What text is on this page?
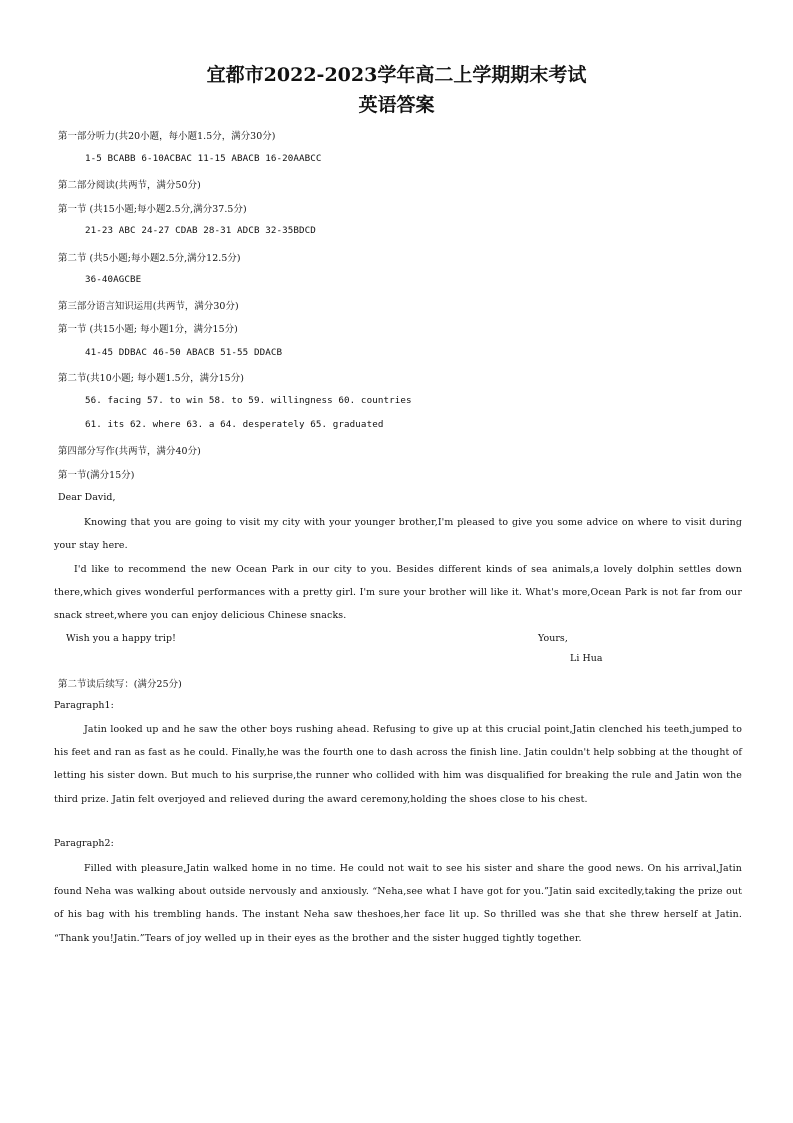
宜都市2022-2023学年高二上学期期末考试
英语答案
第一部分听力(共20小题，每小题1.5分，满分30分)
1-5 BCABB 6-10ACBAC 11-15 ABACB 16-20AABCC
第二部分阅读(共两节，满分50分)
第一节 (共15小题;每小题2.5分,满分37.5分)
21-23 ABC 24-27 CDAB 28-31 ADCB 32-35BDCD
第二节 (共5小题;每小题2.5分,满分12.5分)
36-40AGCBE
第三部分语言知识运用(共两节，满分30分)
第一节 (共15小题; 每小题1分，满分15分)
41-45 DDBAC 46-50 ABACB 51-55 DDACB
第二节(共10小题; 每小题1.5分，满分15分)
56. facing 57. to win 58. to 59. willingness 60. countries
61. its 62. where 63. a 64. desperately 65. graduated
第四部分写作(共两节，满分40分)
第一节(满分15分)
Dear David,

Knowing that you are going to visit my city with your younger brother,I'm pleased to give you some advice on where to visit during your stay here.

I'd like to recommend the new Ocean Park in our city to you. Besides different kinds of sea animals,a lovely dolphin settles down there,which gives wonderful performances with a pretty girl. I'm sure your brother will like it. What's more,Ocean Park is not far from our snack street,where you can enjoy delicious Chinese snacks.

Wish you a happy trip!	Yours,
Li Hua
第二节读后续写：(满分25分)
Paragraph1:

Jatin looked up and he saw the other boys rushing ahead. Refusing to give up at this crucial point,Jatin clenched his teeth,jumped to his feet and ran as fast as he could. Finally,he was the fourth one to dash across the finish line. Jatin couldn't help sobbing at the thought of letting his sister down. But much to his surprise,the runner who collided with him was disqualified for breaking the rule and Jatin won the third prize. Jatin felt overjoyed and relieved during the award ceremony,holding the shoes close to his chest.

Paragraph2:

Filled with pleasure,Jatin walked home in no time. He could not wait to see his sister and share the good news. On his arrival,Jatin found Neha was walking about outside nervously and anxiously. “Neha,see what I have got for you.”Jatin said excitedly,taking the prize out of his bag with his trembling hands. The instant Neha saw theshoes,her face lit up. So thrilled was she that she threw herself at Jatin. “Thank you!Jatin.”Tears of joy welled up in their eyes as the brother and the sister hugged tightly together.
